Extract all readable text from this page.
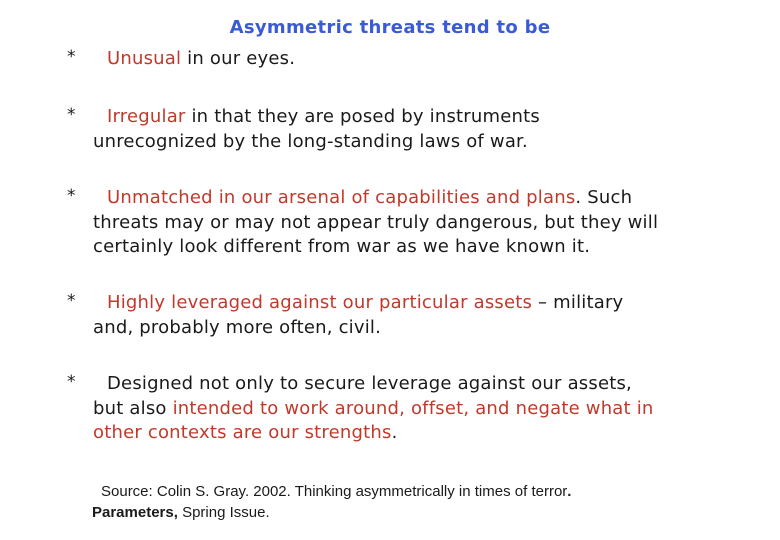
Asymmetric threats tend to be
*	Unusual in our eyes.
*	Irregular in that they are posed by instruments
unrecognized by the long-standing laws of war.
*	Unmatched in our arsenal of capabilities and plans. Such
threats may or may not appear truly dangerous, but they will
certainly look different from war as we have known it.
*	Highly leveraged against our particular assets – military
and, probably more often, civil.
*	Designed not only to secure leverage against our assets,
but also intended to work around, offset, and negate what in
other contexts are our strengths.
Source: Colin S. Gray. 2002. Thinking asymmetrically in times of terror.
Parameters, Spring Issue.
